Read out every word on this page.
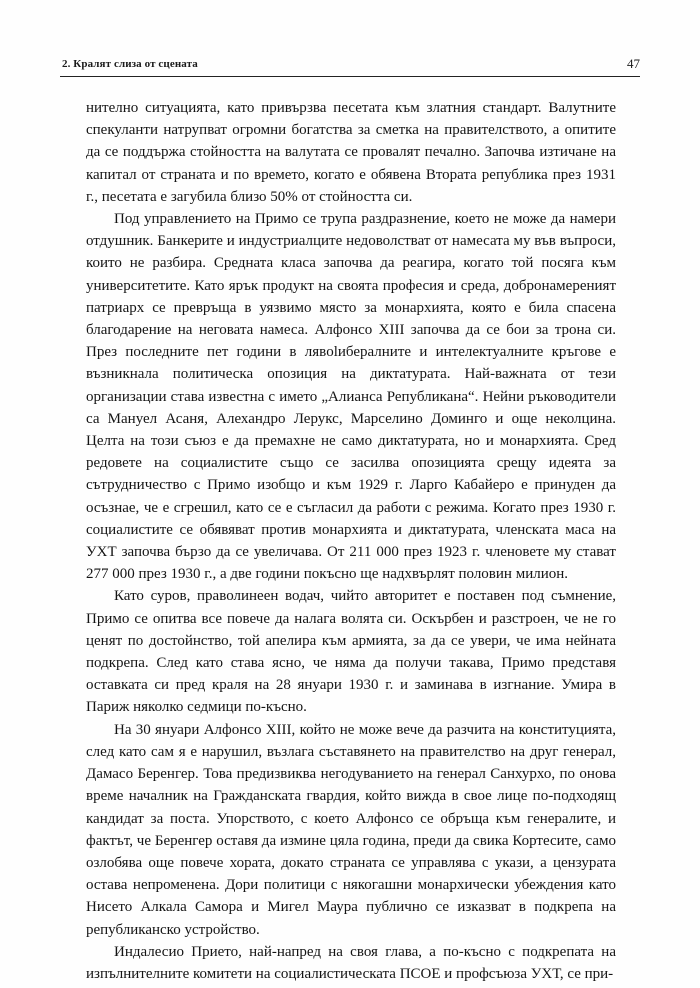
2. Кралят слиза от сцената	47

нително ситуацията, като привързва песетата към златния стандарт. Валутните спекуланти натрупват огромни богатства за сметка на правителството, а опитите да се поддържа стойността на валутата се провалят печално. Започва изтичане на капитал от страната и по времето, когато е обявена Втората република през 1931 г., песетата е загубила близо 50% от стойността си.

Под управлението на Примо се трупа раздразнение, което не може да намери отдушник. Банкерите и индустриалците недоволстват от намесата му във въпроси, които не разбира. Средната класа започва да реагира, когато той посяга към университетите. Като ярък продукт на своята професия и среда, добронамереният патриарх се превръща в уязвимо място за монархията, която е била спасена благодарение на неговата намеса. Алфонсо XIII започва да се бои за трона си. През последните пет години в лявolибералните и интелектуалните кръгове е възникнала политическа опозиция на диктатурата. Най-важната от тези организации става известна с името „Алианса Републикана“. Нейни ръководители са Мануел Асаня, Алехандро Лерукс, Марселино Доминго и още неколцина. Целта на този съюз е да премахне не само диктатурата, но и монархията. Сред редовете на социалистите също се засилва опозицията срещу идеята за сътрудничество с Примо изобщо и към 1929 г. Ларго Кабайеро е принуден да осъзнае, че е сгрешил, като се е съгласил да работи с режима. Когато през 1930 г. социалистите се обявяват против монархията и диктатурата, членската маса на УХТ започва бързо да се увеличава. От 211 000 през 1923 г. членовете му стават 277 000 през 1930 г., а две години покъсно ще надхвърлят половин милион.

Като суров, праволинеен водач, чийто авторитет е поставен под съмнение, Примо се опитва все повече да налага волята си. Оскърбен и разстроен, че не го ценят по достойнство, той апелира към армията, за да се увери, че има нейната подкрепа. След като става ясно, че няма да получи такава, Примо представя оставката си пред краля на 28 януари 1930 г. и заминава в изгнание. Умира в Париж няколко седмици по-късно.

На 30 януари Алфонсо XIII, който не може вече да разчита на конституцията, след като сам я е нарушил, възлага съставянето на правителство на друг генерал, Дамасо Беренгер. Това предизвиква негодуванието на генерал Санхурхо, по онова време началник на Гражданската гвардия, който вижда в свое лице по-подходящ кандидат за поста. Упорството, с което Алфонсо се обръща към генералите, и фактът, че Беренгер оставя да измине цяла година, преди да свика Кортесите, само озлобява още повече хората, докато страната се управлява с укази, а цензурата остава непроменена. Дори политици с някогашни монархически убеждения като Нисето Алкала Самора и Мигел Маура публично се изказват в подкрепа на републиканско устройство.

Индалесио Прието, най-напред на своя глава, а по-късно с подкрепата на изпълнителните комитети на социалистическата ПСОЕ и профсъюза УХТ, се при-
